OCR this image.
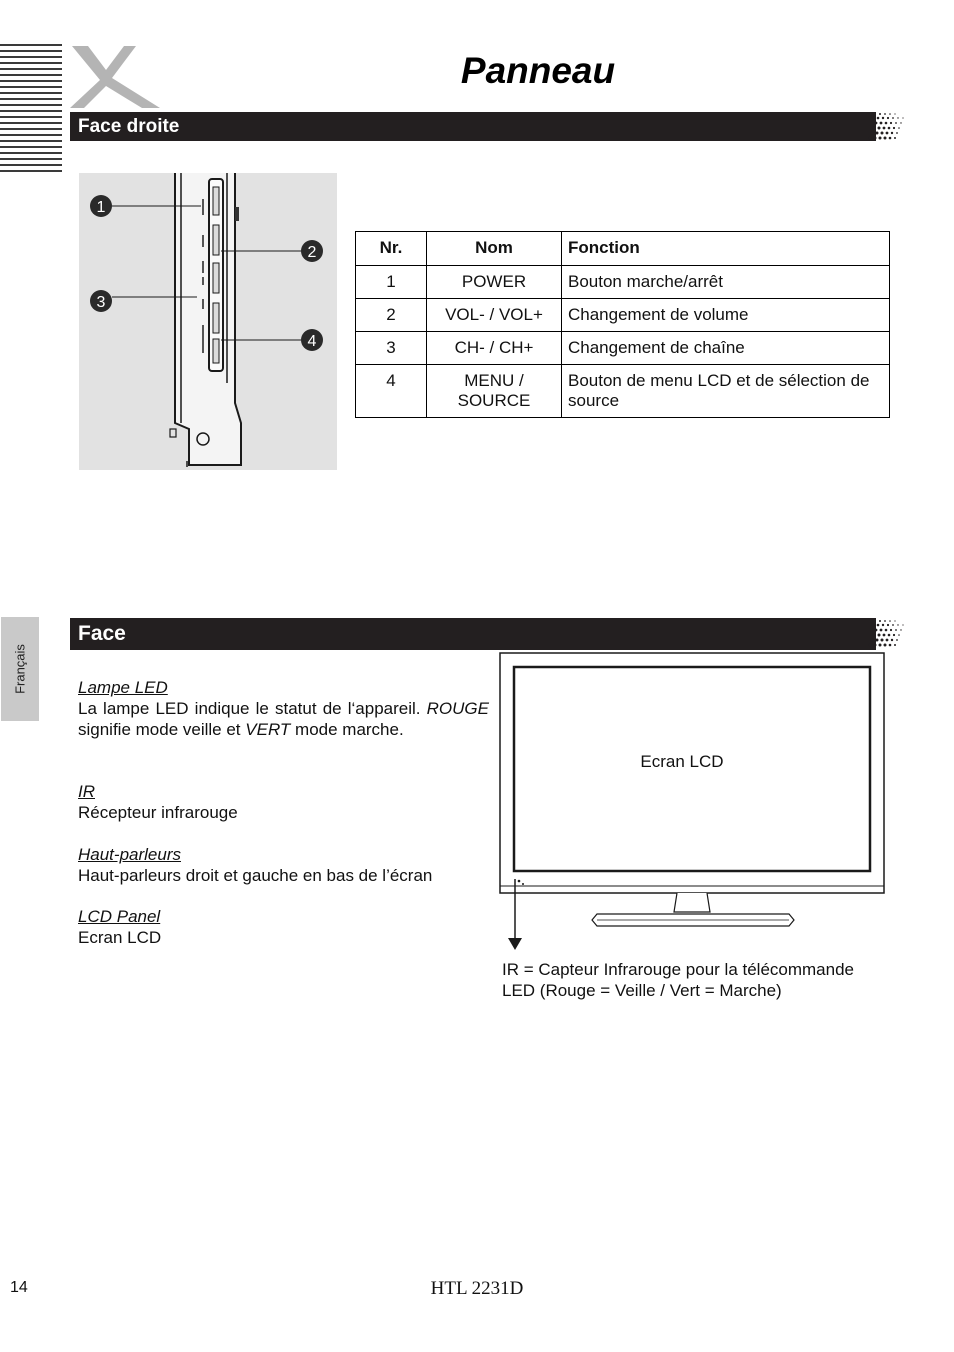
Panneau
Face droite
1
2
3
4
Nr.	Nom	Fonction
1	POWER	Bouton marche/arrêt
2	VOL- / VOL+	Changement de volume
3	CH- / CH+	Changement de chaîne
4	MENU / SOURCE	Bouton de menu LCD et de sélection de source
Français
Face
Lampe LED
La lampe LED indique le statut de l‘appareil. ROUGE signifie mode veille et VERT mode marche.
IR
Récepteur infrarouge
Haut-parleurs
Haut-parleurs droit et gauche en bas de l’écran
LCD Panel
Ecran LCD
Ecran LCD
IR = Capteur Infrarouge pour la télécommande
LED (Rouge = Veille / Vert = Marche)
14	HTL 2231D
